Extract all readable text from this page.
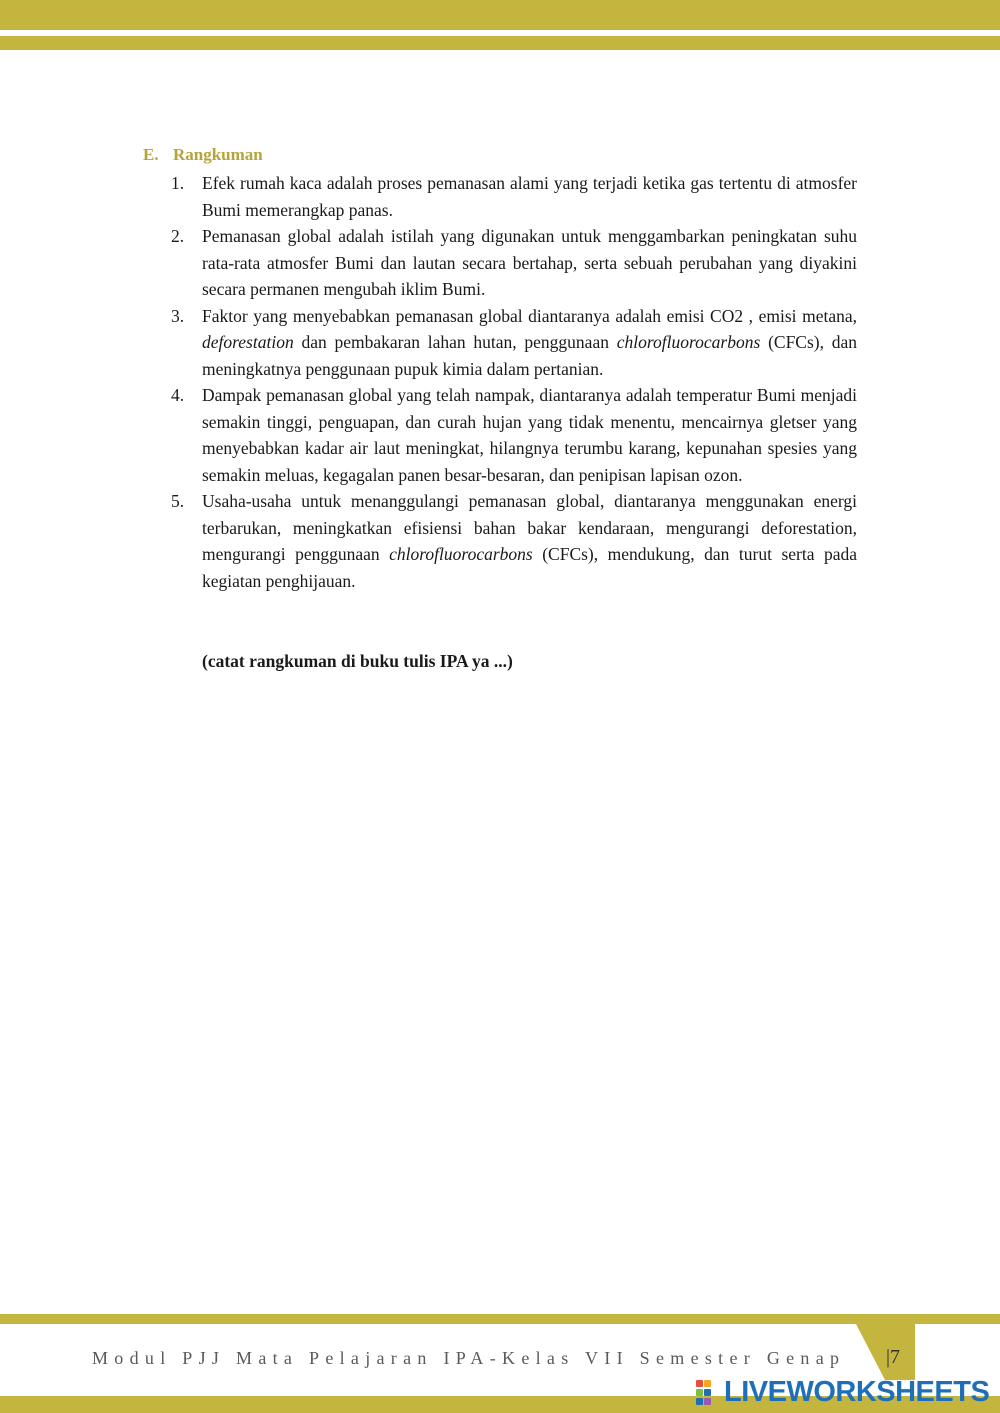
E. Rangkuman
1. Efek rumah kaca adalah proses pemanasan alami yang terjadi ketika gas tertentu di atmosfer Bumi memerangkap panas.
2. Pemanasan global adalah istilah yang digunakan untuk menggambarkan peningkatan suhu rata-rata atmosfer Bumi dan lautan secara bertahap, serta sebuah perubahan yang diyakini secara permanen mengubah iklim Bumi.
3. Faktor yang menyebabkan pemanasan global diantaranya adalah emisi CO2 , emisi metana, deforestation dan pembakaran lahan hutan, penggunaan chlorofluorocarbons (CFCs), dan meningkatnya penggunaan pupuk kimia dalam pertanian.
4. Dampak pemanasan global yang telah nampak, diantaranya adalah temperatur Bumi menjadi semakin tinggi, penguapan, dan curah hujan yang tidak menentu, mencairnya gletser yang menyebabkan kadar air laut meningkat, hilangnya terumbu karang, kepunahan spesies yang semakin meluas, kegagalan panen besar-besaran, dan penipisan lapisan ozon.
5. Usaha-usaha untuk menanggulangi pemanasan global, diantaranya menggunakan energi terbarukan, meningkatkan efisiensi bahan bakar kendaraan, mengurangi deforestation, mengurangi penggunaan chlorofluorocarbons (CFCs), mendukung, dan turut serta pada kegiatan penghijauan.
(catat rangkuman di buku tulis IPA ya ...)
Modul PJJ Mata Pelajaran IPA-Kelas VII Semester Genap |7
LIVEWORKSHEETS
